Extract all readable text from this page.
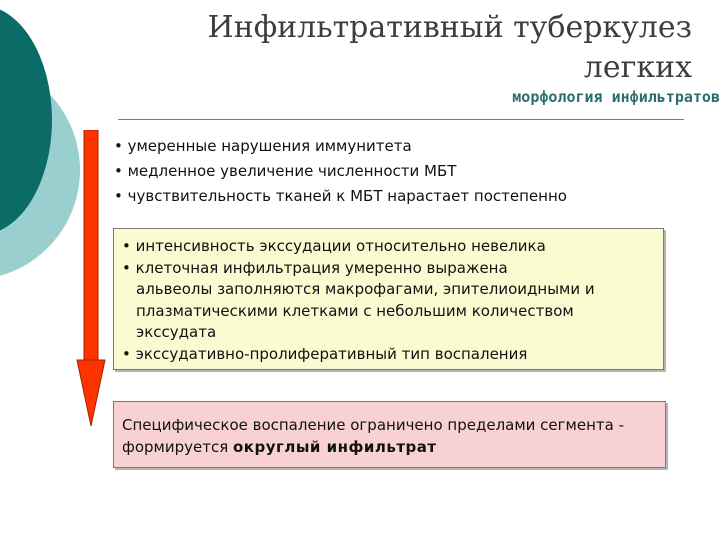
Инфильтративный туберкулез легких
морфология инфильтратов
• умеренные нарушения иммунитета
• медленное увеличение численности МБТ
• чувствительность тканей к МБТ нарастает постепенно
• интенсивность экссудации относительно невелика
• клеточная инфильтрация умеренно выражена
альвеолы заполняются макрофагами, эпителиоидными и плазматическими клетками с небольшим количеством экссудата
• экссудативно-пролиферативный тип воспаления
Специфическое воспаление ограничено пределами сегмента - формируется округлый инфильтрат
